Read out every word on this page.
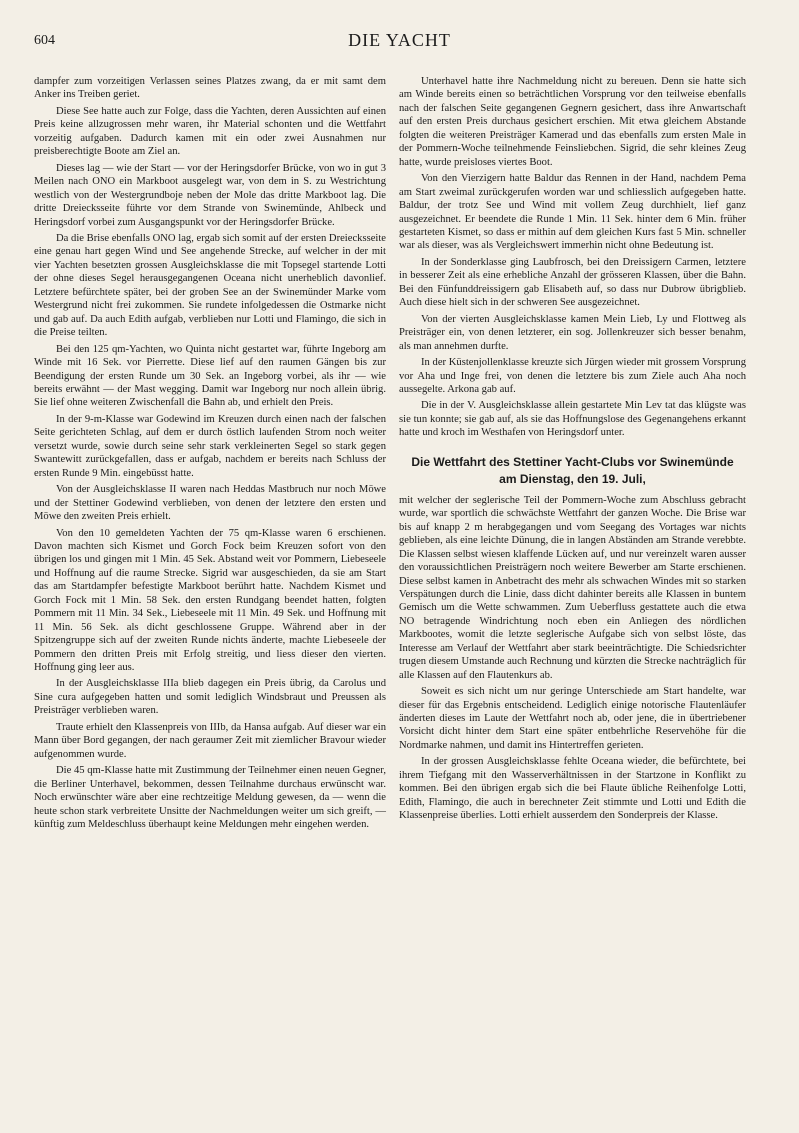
604	DIE YACHT

dampfer zum vorzeitigen Verlassen seines Platzes zwang, da er mit samt dem Anker ins Treiben geriet.

Diese See hatte auch zur Folge, dass die Yachten, deren Aussichten auf einen Preis keine allzugrossen mehr waren, ihr Material schonten und die Wettfahrt vorzeitig aufgaben. Dadurch kamen mit ein oder zwei Ausnahmen nur preisberechtigte Boote am Ziel an.

Dieses lag — wie der Start — vor der Heringsdorfer Brücke, von wo in gut 3 Meilen nach ONO ein Markboot ausgelegt war, von dem in S. zu Westrichtung westlich von der Westergrundboje neben der Mole das dritte Markboot lag. Die dritte Dreiecksseite führte vor dem Strande von Swinemünde, Ahlbeck und Heringsdorf vorbei zum Ausgangspunkt vor der Heringsdorfer Brücke.

Da die Brise ebenfalls ONO lag, ergab sich somit auf der ersten Dreiecksseite eine genau hart gegen Wind und See angehende Strecke, auf welcher in der mit vier Yachten besetzten grossen Ausgleichsklasse die mit Topsegel startende Lotti der ohne dieses Segel herausgegangenen Oceana nicht unerheblich davonlief. Letztere befürchtete später, bei der groben See an der Swinemünder Marke vom Westergrund nicht frei zukommen. Sie rundete infolgedessen die Ostmarke nicht und gab auf. Da auch Edith aufgab, verblieben nur Lotti und Flamingo, die sich in die Preise teilten.

Bei den 125 qm-Yachten, wo Quinta nicht gestartet war, führte Ingeborg am Winde mit 16 Sek. vor Pierrette. Diese lief auf den raumen Gängen bis zur Beendigung der ersten Runde um 30 Sek. an Ingeborg vorbei, als ihr — wie bereits erwähnt — der Mast wegging. Damit war Ingeborg nur noch allein übrig. Sie lief ohne weiteren Zwischenfall die Bahn ab, und erhielt den Preis.

In der 9-m-Klasse war Godewind im Kreuzen durch einen nach der falschen Seite gerichteten Schlag, auf dem er durch östlich laufenden Strom noch weiter versetzt wurde, sowie durch seine sehr stark verkleinerten Segel so stark gegen Swantewitt zurückgefallen, dass er aufgab, nachdem er bereits nach Schluss der ersten Runde 9 Min. eingebüsst hatte.

Von der Ausgleichsklasse II waren nach Heddas Mastbruch nur noch Möwe und der Stettiner Godewind verblieben, von denen der letztere den ersten und Möwe den zweiten Preis erhielt.

Von den 10 gemeldeten Yachten der 75 qm-Klasse waren 6 erschienen. Davon machten sich Kismet und Gorch Fock beim Kreuzen sofort von den übrigen los und gingen mit 1 Min. 45 Sek. Abstand weit vor Pommern, Liebeseele und Hoffnung auf die raume Strecke. Sigrid war ausgeschieden, da sie am Start das am Startdampfer befestigte Markboot berührt hatte. Nachdem Kismet und Gorch Fock mit 1 Min. 58 Sek. den ersten Rundgang beendet hatten, folgten Pommern mit 11 Min. 34 Sek., Liebeseele mit 11 Min. 49 Sek. und Hoffnung mit 11 Min. 56 Sek. als dicht geschlossene Gruppe. Während aber in der Spitzengruppe sich auf der zweiten Runde nichts änderte, machte Liebeseele der Pommern den dritten Preis mit Erfolg streitig, und liess dieser den vierten. Hoffnung ging leer aus.

In der Ausgleichsklasse IIIa blieb dagegen ein Preis übrig, da Carolus und Sine cura aufgegeben hatten und somit lediglich Windsbraut und Preussen als Preisträger verblieben waren.

Traute erhielt den Klassenpreis von IIIb, da Hansa aufgab. Auf dieser war ein Mann über Bord gegangen, der nach geraumer Zeit mit ziemlicher Bravour wieder aufgenommen wurde.

Die 45 qm-Klasse hatte mit Zustimmung der Teilnehmer einen neuen Gegner, die Berliner Unterhavel, bekommen, dessen Teilnahme durchaus erwünscht war. Noch erwünschter wäre aber eine rechtzeitige Meldung gewesen, da — wenn die heute schon stark verbreitete Unsitte der Nachmeldungen weiter um sich greift, — künftig zum Meldeschluss überhaupt keine Meldungen mehr eingehen werden.

Unterhavel hatte ihre Nachmeldung nicht zu bereuen. Denn sie hatte sich am Winde bereits einen so beträchtlichen Vorsprung vor den teilweise ebenfalls nach der falschen Seite gegangenen Gegnern gesichert, dass ihre Anwartschaft auf den ersten Preis durchaus gesichert erschien. Mit etwa gleichem Abstande folgten die weiteren Preisträger Kamerad und das ebenfalls zum ersten Male in der Pommern-Woche teilnehmende Feinsliebchen. Sigrid, die sehr kleines Zeug hatte, wurde preisloses viertes Boot.

Von den Vierzigern hatte Baldur das Rennen in der Hand, nachdem Pema am Start zweimal zurückgerufen worden war und schliesslich aufgegeben hatte. Baldur, der trotz See und Wind mit vollem Zeug durchhielt, lief ganz ausgezeichnet. Er beendete die Runde 1 Min. 11 Sek. hinter dem 6 Min. früher gestarteten Kismet, so dass er mithin auf dem gleichen Kurs fast 5 Min. schneller war als dieser, was als Vergleichswert immerhin nicht ohne Bedeutung ist.

In der Sonderklasse ging Laubfrosch, bei den Dreissigern Carmen, letztere in besserer Zeit als eine erhebliche Anzahl der grösseren Klassen, über die Bahn. Bei den Fünfunddreissigern gab Elisabeth auf, so dass nur Dubrow übrigblieb. Auch diese hielt sich in der schweren See ausgezeichnet.

Von der vierten Ausgleichsklasse kamen Mein Lieb, Ly und Flottweg als Preisträger ein, von denen letzterer, ein sog. Jollenkreuzer sich besser benahm, als man annehmen durfte.

In der Küstenjollenklasse kreuzte sich Jürgen wieder mit grossem Vorsprung vor Aha und Inge frei, von denen die letztere bis zum Ziele auch Aha noch aussegelte. Arkona gab auf.

Die in der V. Ausgleichsklasse allein gestartete Min Lev tat das klügste was sie tun konnte; sie gab auf, als sie das Hoffnungslose des Gegenangehens erkannt hatte und kroch im Westhafen von Heringsdorf unter.

Die Wettfahrt des Stettiner Yacht-Clubs vor Swinemünde
am Dienstag, den 19. Juli,

mit welcher der seglerische Teil der Pommern-Woche zum Abschluss gebracht wurde, war sportlich die schwächste Wettfahrt der ganzen Woche. Die Brise war bis auf knapp 2 m herabgegangen und vom Seegang des Vortages war nichts geblieben, als eine leichte Dünung, die in langen Abständen am Strande verebbte. Die Klassen selbst wiesen klaffende Lücken auf, und nur vereinzelt waren ausser den voraussichtlichen Preisträgern noch weitere Bewerber am Starte erschienen. Diese selbst kamen in Anbetracht des mehr als schwachen Windes mit so starken Verspätungen durch die Linie, dass dicht dahinter bereits alle Klassen in buntem Gemisch um die Wette schwammen. Zum Ueberfluss gestattete auch die etwa NO betragende Windrichtung noch eben ein Anliegen des nördlichen Markbootes, womit die letzte seglerische Aufgabe sich von selbst löste, das Interesse am Verlauf der Wettfahrt aber stark beeinträchtigte. Die Schiedsrichter trugen diesem Umstande auch Rechnung und kürzten die Strecke nachträglich für alle Klassen auf den Flautenkurs ab.

Soweit es sich nicht um nur geringe Unterschiede am Start handelte, war dieser für das Ergebnis entscheidend. Lediglich einige notorische Flautenläufer änderten dieses im Laute der Wettfahrt noch ab, oder jene, die in übertriebener Vorsicht dicht hinter dem Start eine später entbehrliche Reservehöhe für die Nordmarke nahmen, und damit ins Hintertreffen gerieten.

In der grossen Ausgleichsklasse fehlte Oceana wieder, die befürchtete, bei ihrem Tiefgang mit den Wasserverhältnissen in der Startzone in Konflikt zu kommen. Bei den übrigen ergab sich die bei Flaute übliche Reihenfolge Lotti, Edith, Flamingo, die auch in berechneter Zeit stimmte und Lotti und Edith die Klassenpreise überlies. Lotti erhielt ausserdem den Sonderpreis der Klasse.
